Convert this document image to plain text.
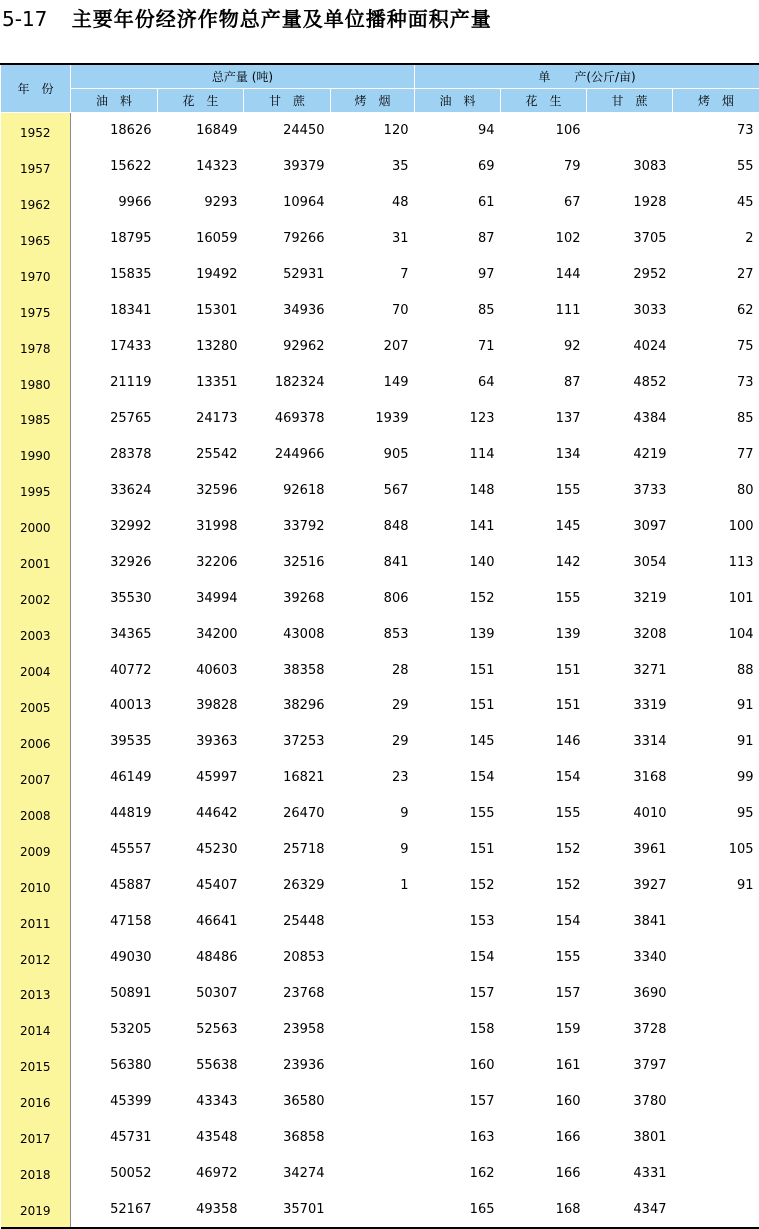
5-17 主要年份经济作物总产量及单位播种面积产量
年　份	总产量 (吨)				单　　产(公斤/亩)			
	油　料	花　生	甘　蔗	烤　烟	油　料	花　生	甘　蔗	烤　烟
1952	18626	16849	24450	120	94	106		73
1957	15622	14323	39379	35	69	79	3083	55
1962	9966	9293	10964	48	61	67	1928	45
1965	18795	16059	79266	31	87	102	3705	2
1970	15835	19492	52931	7	97	144	2952	27
1975	18341	15301	34936	70	85	111	3033	62
1978	17433	13280	92962	207	71	92	4024	75
1980	21119	13351	182324	149	64	87	4852	73
1985	25765	24173	469378	1939	123	137	4384	85
1990	28378	25542	244966	905	114	134	4219	77
1995	33624	32596	92618	567	148	155	3733	80
2000	32992	31998	33792	848	141	145	3097	100
2001	32926	32206	32516	841	140	142	3054	113
2002	35530	34994	39268	806	152	155	3219	101
2003	34365	34200	43008	853	139	139	3208	104
2004	40772	40603	38358	28	151	151	3271	88
2005	40013	39828	38296	29	151	151	3319	91
2006	39535	39363	37253	29	145	146	3314	91
2007	46149	45997	16821	23	154	154	3168	99
2008	44819	44642	26470	9	155	155	4010	95
2009	45557	45230	25718	9	151	152	3961	105
2010	45887	45407	26329	1	152	152	3927	91
2011	47158	46641	25448		153	154	3841	
2012	49030	48486	20853		154	155	3340	
2013	50891	50307	23768		157	157	3690	
2014	53205	52563	23958		158	159	3728	
2015	56380	55638	23936		160	161	3797	
2016	45399	43343	36580		157	160	3780	
2017	45731	43548	36858		163	166	3801	
2018	50052	46972	34274		162	166	4331	
2019	52167	49358	35701		165	168	4347	
